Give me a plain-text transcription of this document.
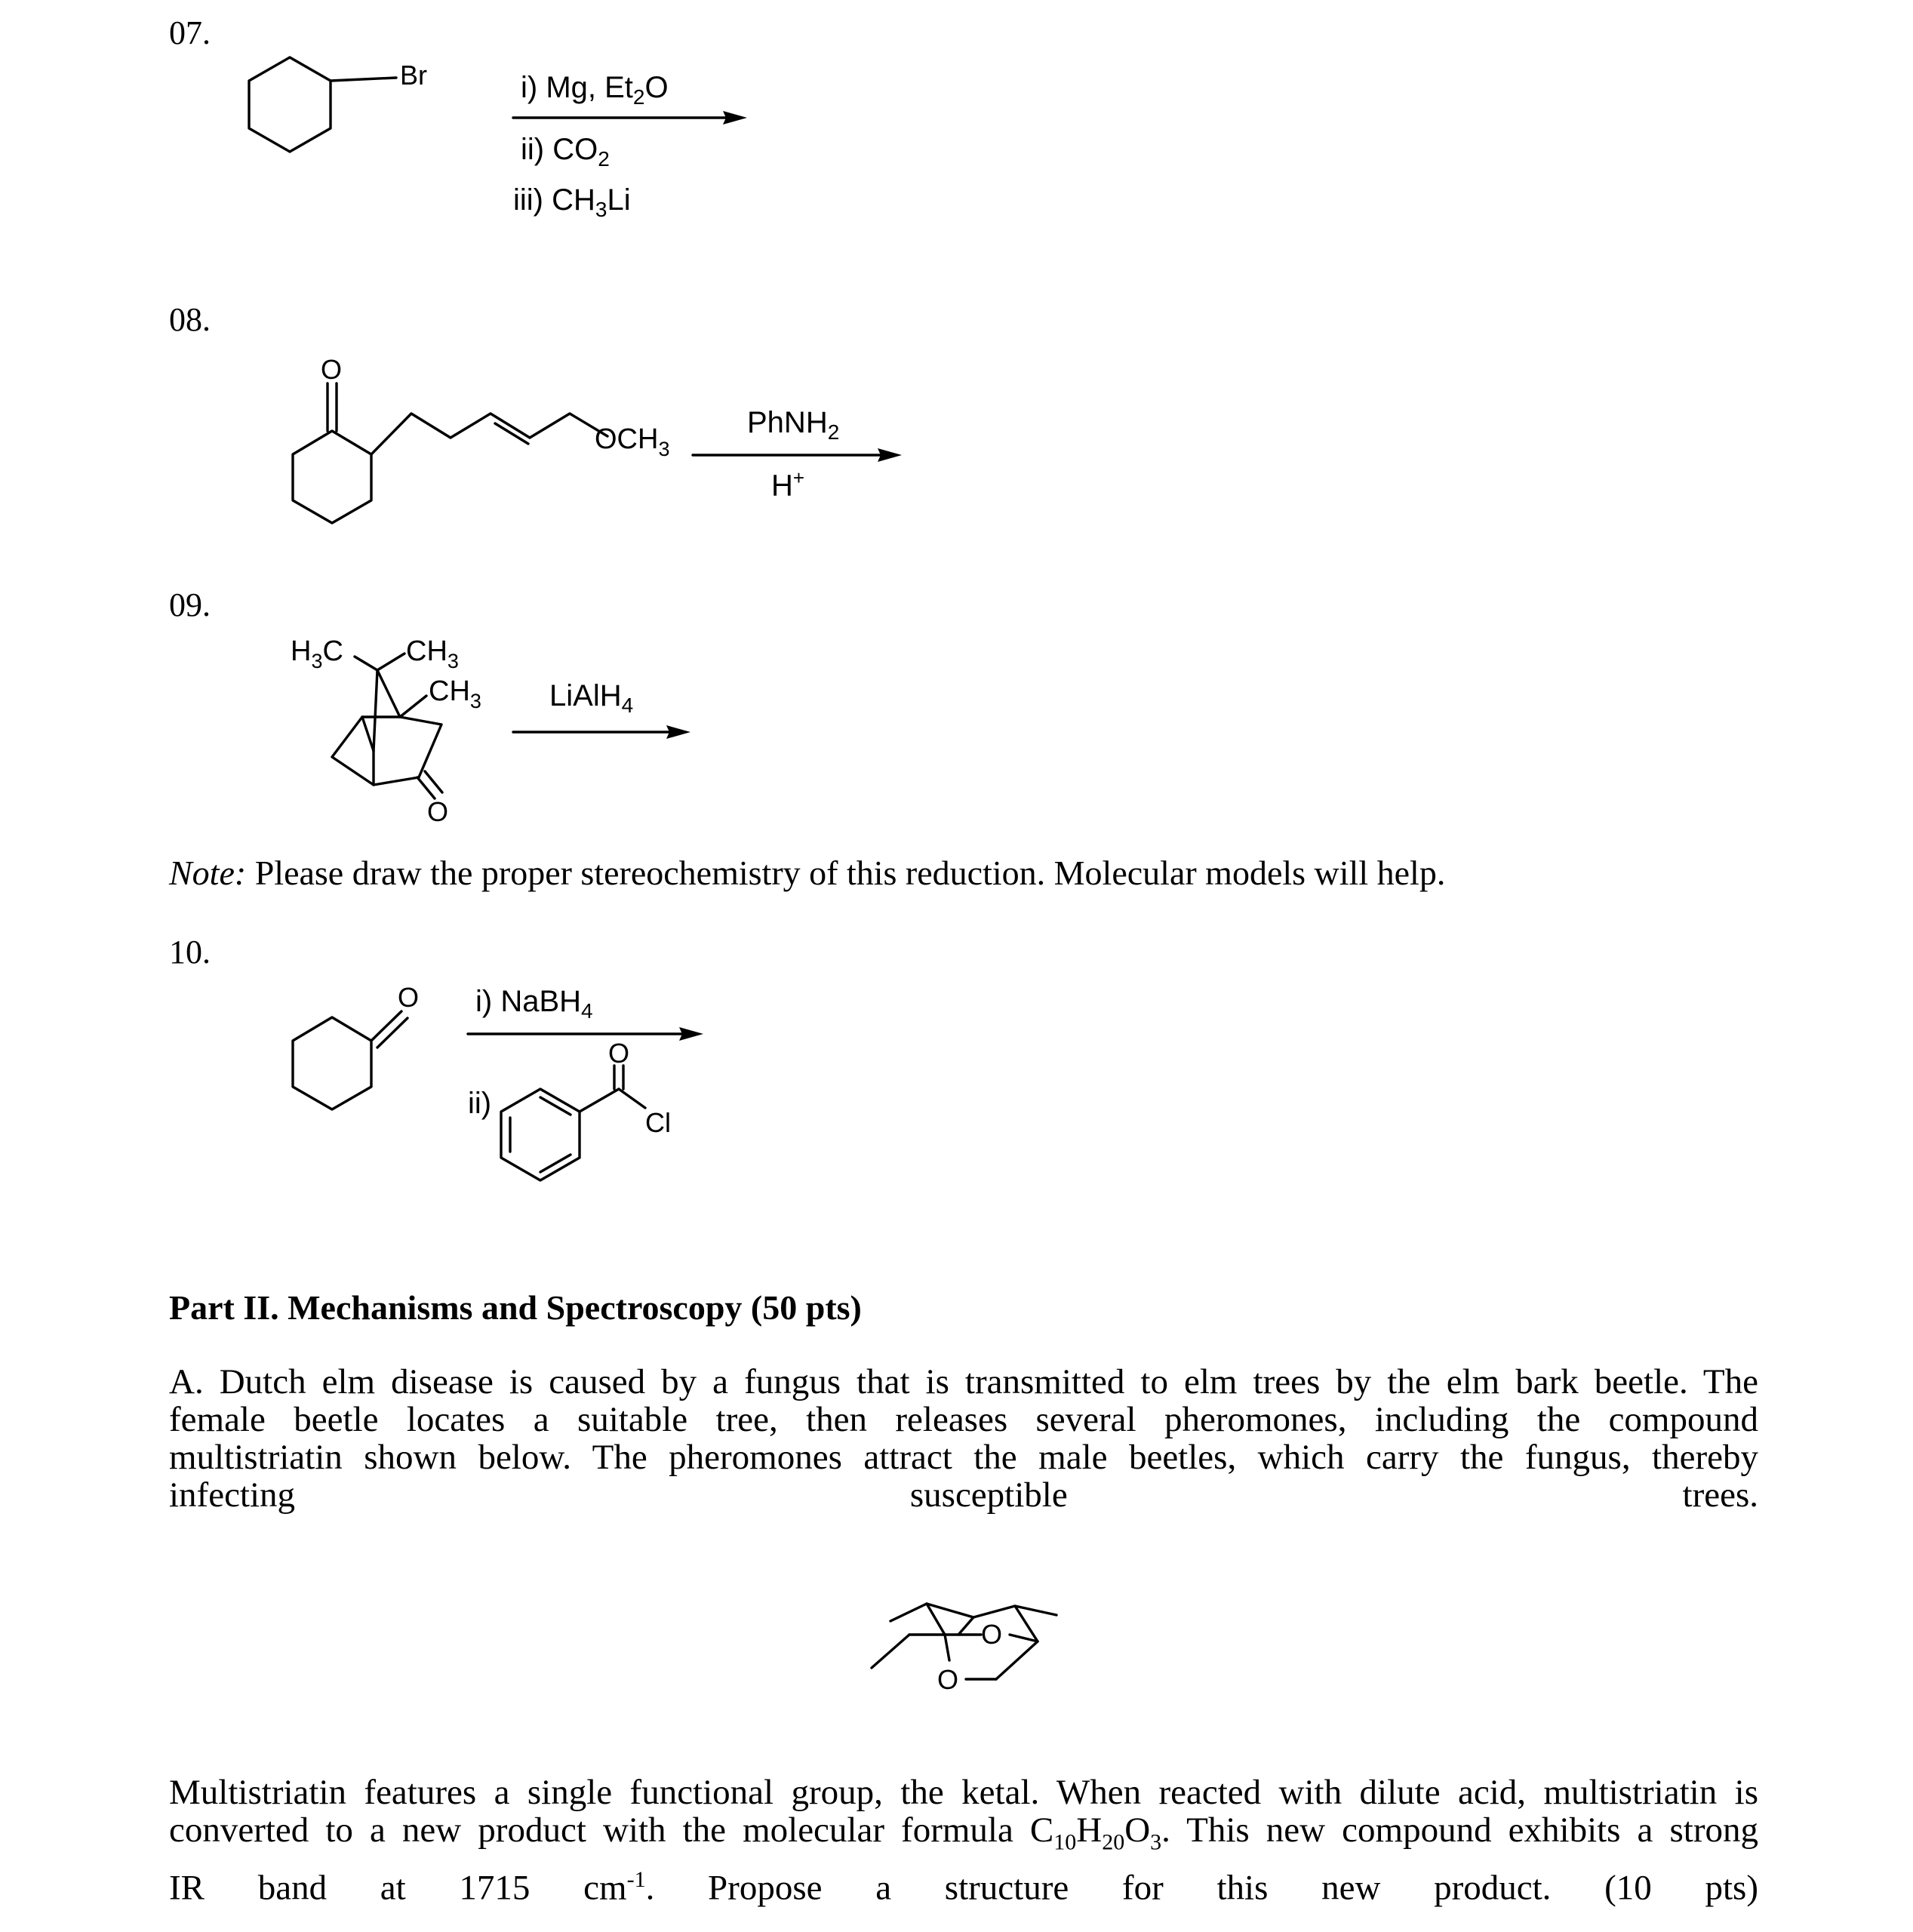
07.
Br	i) Mg, $Et_2O$
ii) $CO_2$
iii) $CH_3Li$
08.
O
$OCH_3$
PhNH$_2$
H+
09.
$H_3C$ $CH_3$
$CH_3$
O
LiAlH$_4$
Note: Please draw the proper stereochemistry of this reduction. Molecular models will help.
10.
O
O
Cl
i) NaBH$_4$
ii)
Part II. Mechanisms and Spectroscopy (50 pts)
A. Dutch elm disease is caused by a fungus that is transmitted to elm trees by the elm bark beetle. The
female beetle locates a suitable tree, then releases several pheromones, including the compound
multistriatin shown below. The pheromones attract the male beetles, which carry the fungus, thereby
infecting susceptible trees.
O
O
Multistriatin features a single functional group, the ketal. When reacted with dilute acid, multistriatin is
converted to a new product with the molecular formula $C_{10}H_{20}O_3$. This new compound exhibits a strong
IR band at 1715 $cm^{-1}$. Propose a structure for this new product. (10 pts)
